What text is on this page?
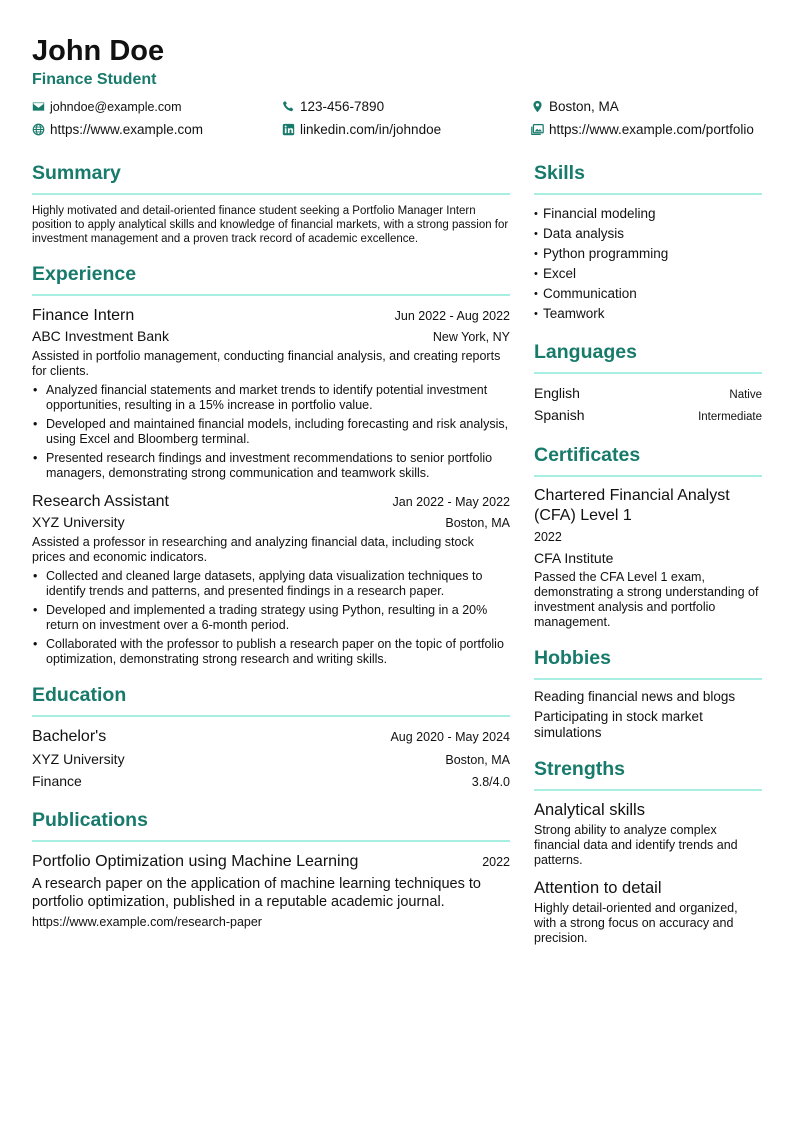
John Doe
Finance Student
johndoe@example.com	123-456-7890	Boston, MA
https://www.example.com	linkedin.com/in/johndoe	https://www.example.com/portfolio
Summary
Highly motivated and detail-oriented finance student seeking a Portfolio Manager Intern position to apply analytical skills and knowledge of financial markets, with a strong passion for investment management and a proven track record of academic excellence.
Experience
Finance Intern	Jun 2022 - Aug 2022
ABC Investment Bank	New York, NY
Assisted in portfolio management, conducting financial analysis, and creating reports for clients.
• Analyzed financial statements and market trends to identify potential investment opportunities, resulting in a 15% increase in portfolio value.
• Developed and maintained financial models, including forecasting and risk analysis, using Excel and Bloomberg terminal.
• Presented research findings and investment recommendations to senior portfolio managers, demonstrating strong communication and teamwork skills.
Research Assistant	Jan 2022 - May 2022
XYZ University	Boston, MA
Assisted a professor in researching and analyzing financial data, including stock prices and economic indicators.
• Collected and cleaned large datasets, applying data visualization techniques to identify trends and patterns, and presented findings in a research paper.
• Developed and implemented a trading strategy using Python, resulting in a 20% return on investment over a 6-month period.
• Collaborated with the professor to publish a research paper on the topic of portfolio optimization, demonstrating strong research and writing skills.
Education
Bachelor's	Aug 2020 - May 2024
XYZ University	Boston, MA
Finance	3.8/4.0
Publications
Portfolio Optimization using Machine Learning	2022
A research paper on the application of machine learning techniques to portfolio optimization, published in a reputable academic journal.
https://www.example.com/research-paper
Skills
• Financial modeling
• Data analysis
• Python programming
• Excel
• Communication
• Teamwork
Languages
English	Native
Spanish	Intermediate
Certificates
Chartered Financial Analyst (CFA) Level 1
2022
CFA Institute
Passed the CFA Level 1 exam, demonstrating a strong understanding of investment analysis and portfolio management.
Hobbies
Reading financial news and blogs
Participating in stock market simulations
Strengths
Analytical skills
Strong ability to analyze complex financial data and identify trends and patterns.
Attention to detail
Highly detail-oriented and organized, with a strong focus on accuracy and precision.
